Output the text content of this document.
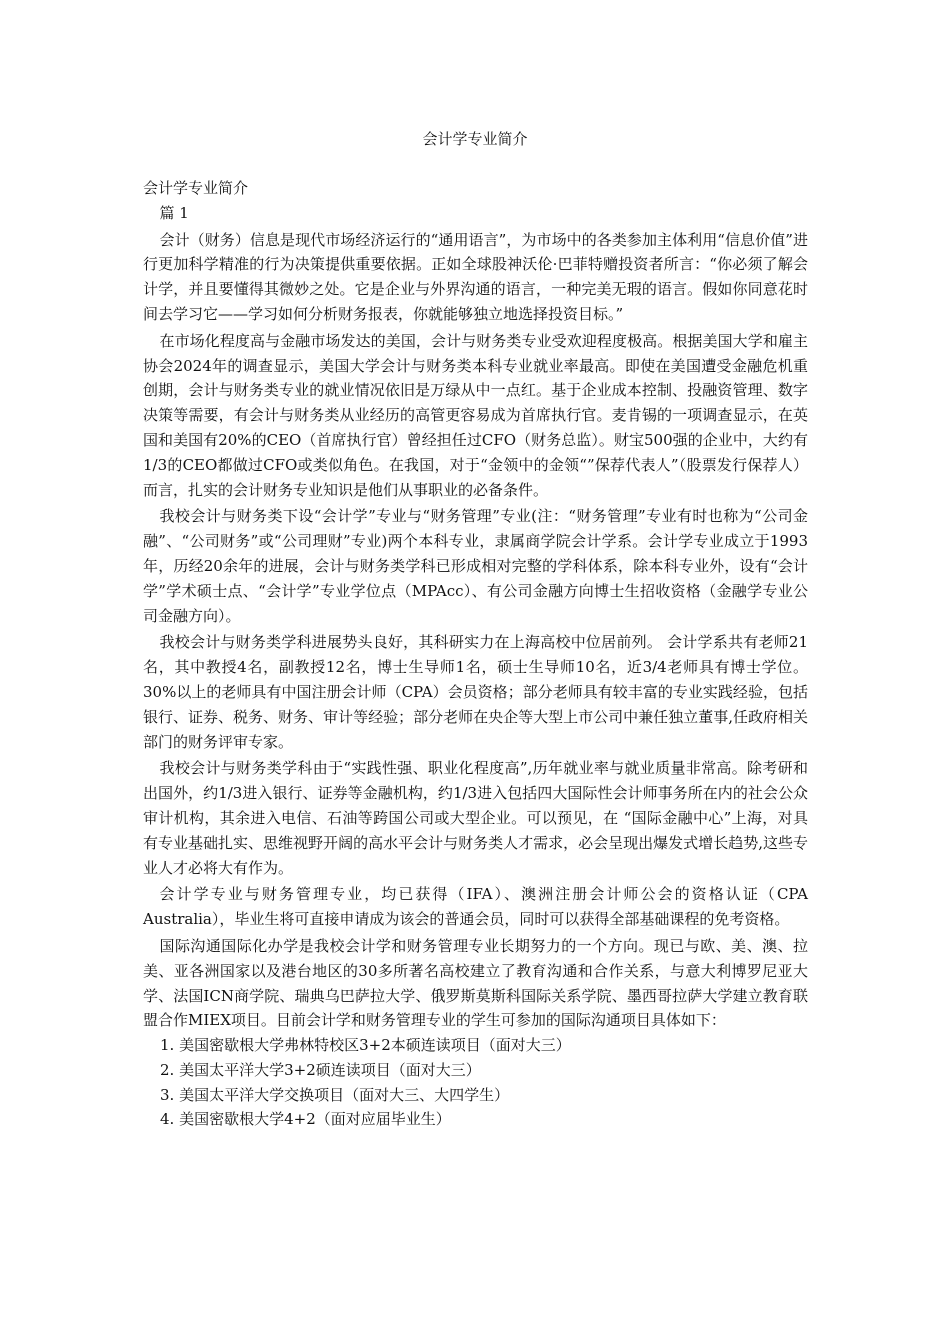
会计学专业简介

会计学专业简介

篇 1

会计（财务）信息是现代市场经济运行的“通用语言”，为市场中的各类参加主体利用“信息价值”进行更加科学精准的行为决策提供重要依据。正如全球股神沃伦·巴菲特赠投资者所言：“你必须了解会计学，并且要懂得其微妙之处。它是企业与外界沟通的语言，一种完美无瑕的语言。假如你同意花时间去学习它——学习如何分析财务报表，你就能够独立地选择投资目标。”

在市场化程度高与金融市场发达的美国，会计与财务类专业受欢迎程度极高。根据美国大学和雇主协会2024年的调查显示，美国大学会计与财务类本科专业就业率最高。即使在美国遭受金融危机重创期，会计与财务类专业的就业情况依旧是万绿从中一点红。基于企业成本控制、投融资管理、数字决策等需要，有会计与财务类从业经历的高管更容易成为首席执行官。麦肯锡的一项调查显示，在英国和美国有20%的CEO（首席执行官）曾经担任过CFO（财务总监）。财宝500强的企业中，大约有1/3的CEO都做过CFO或类似角色。在我国，对于“金领中的金领“”保荐代表人”（股票发行保荐人）而言，扎实的会计财务专业知识是他们从事职业的必备条件。

我校会计与财务类下设“会计学”专业与“财务管理”专业(注：“财务管理”专业有时也称为“公司金融”、“公司财务”或“公司理财”专业)两个本科专业，隶属商学院会计学系。会计学专业成立于1993年，历经20余年的进展，会计与财务类学科已形成相对完整的学科体系，除本科专业外，设有“会计学”学术硕士点、“会计学”专业学位点（MPAcc）、有公司金融方向博士生招收资格（金融学专业公司金融方向）。

我校会计与财务类学科进展势头良好，其科研实力在上海高校中位居前列。 会计学系共有老师21名，其中教授4名，副教授12名，博士生导师1名，硕士生导师10名，近3/4老师具有博士学位。30%以上的老师具有中国注册会计师（CPA）会员资格；部分老师具有较丰富的专业实践经验，包括银行、证券、税务、财务、审计等经验；部分老师在央企等大型上市公司中兼任独立董事,任政府相关部门的财务评审专家。

我校会计与财务类学科由于“实践性强、职业化程度高”,历年就业率与就业质量非常高。除考研和出国外，约1/3进入银行、证券等金融机构，约1/3进入包括四大国际性会计师事务所在内的社会公众审计机构，其余进入电信、石油等跨国公司或大型企业。可以预见，在 “国际金融中心”上海，对具有专业基础扎实、思维视野开阔的高水平会计与财务类人才需求，必会呈现出爆发式增长趋势,这些专业人才必将大有作为。

会计学专业与财务管理专业，均已获得（IFA）、澳洲注册会计师公会的资格认证（CPA Australia），毕业生将可直接申请成为该会的普通会员，同时可以获得全部基础课程的免考资格。

国际沟通国际化办学是我校会计学和财务管理专业长期努力的一个方向。现已与欧、美、澳、拉美、亚各洲国家以及港台地区的30多所著名高校建立了教育沟通和合作关系，与意大利博罗尼亚大学、法国ICN商学院、瑞典乌巴萨拉大学、俄罗斯莫斯科国际关系学院、墨西哥拉萨大学建立教育联盟合作MIEX项目。目前会计学和财务管理专业的学生可参加的国际沟通项目具体如下：

1. 美国密歇根大学弗林特校区3+2本硕连读项目（面对大三）
2. 美国太平洋大学3+2硕连读项目（面对大三）
3. 美国太平洋大学交换项目（面对大三、大四学生）
4. 美国密歇根大学4+2（面对应届毕业生）
